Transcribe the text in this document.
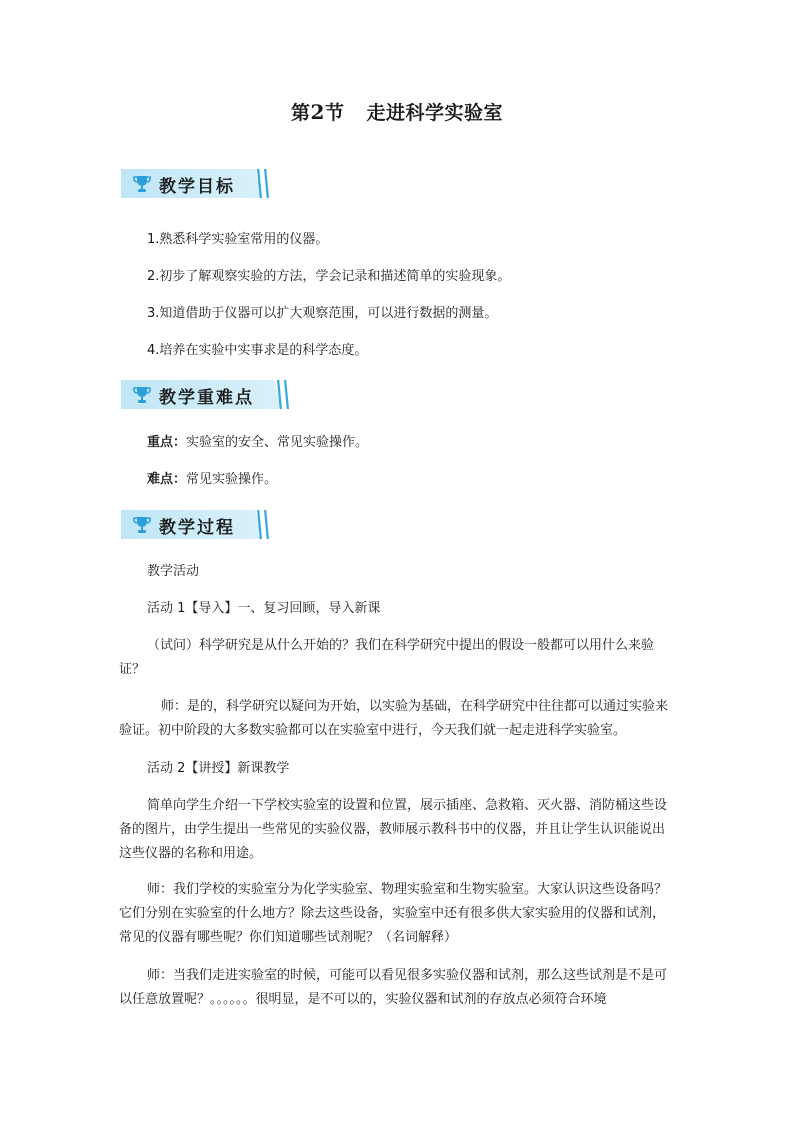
第2节 走进科学实验室
教学目标
1.熟悉科学实验室常用的仪器。
2.初步了解观察实验的方法，学会记录和描述简单的实验现象。
3.知道借助于仪器可以扩大观察范围，可以进行数据的测量。
4.培养在实验中实事求是的科学态度。
教学重难点
重点：实验室的安全、常见实验操作。
难点：常见实验操作。
教学过程
教学活动
活动 1【导入】一、复习回顾，导入新课
（试问）科学研究是从什么开始的？我们在科学研究中提出的假设一般都可以用什么来验证？
师：是的，科学研究以疑问为开始，以实验为基础，在科学研究中往往都可以通过实验来验证。初中阶段的大多数实验都可以在实验室中进行，今天我们就一起走进科学实验室。
活动 2【讲授】新课教学
简单向学生介绍一下学校实验室的设置和位置，展示插座、急救箱、灭火器、消防桶这些设备的图片，由学生提出一些常见的实验仪器，教师展示教科书中的仪器，并且让学生认识能说出这些仪器的名称和用途。
师：我们学校的实验室分为化学实验室、物理实验室和生物实验室。大家认识这些设备吗？它们分别在实验室的什么地方？除去这些设备，实验室中还有很多供大家实验用的仪器和试剂，常见的仪器有哪些呢？你们知道哪些试剂呢？（名词解释）
师：当我们走进实验室的时候，可能可以看见很多实验仪器和试剂，那么这些试剂是不是可以任意放置呢？。。。。。。很明显，是不可以的，实验仪器和试剂的存放点必须符合环境
